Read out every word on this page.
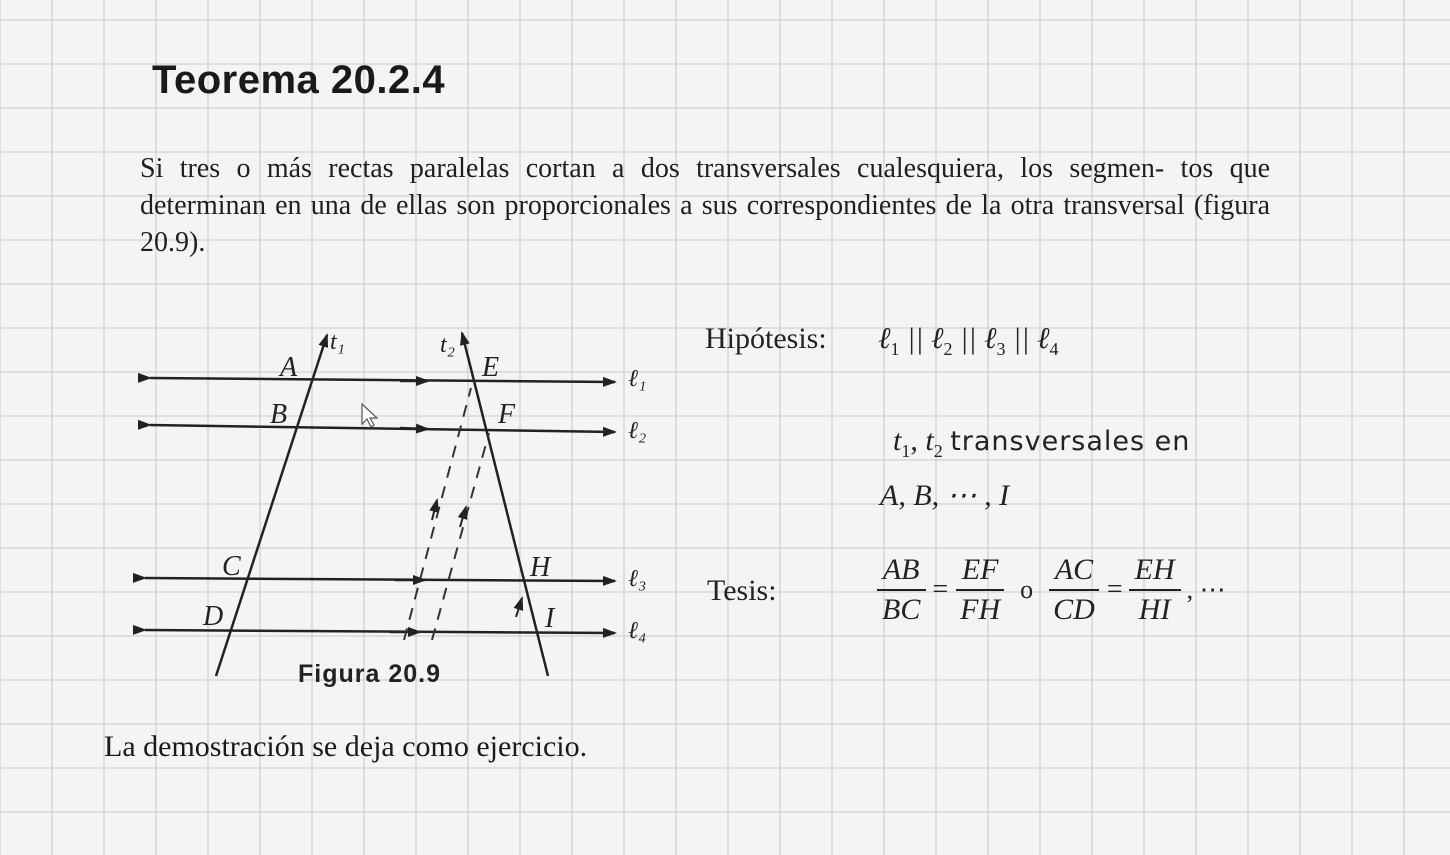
Teorema 20.2.4

Si tres o más rectas paralelas cortan a dos transversales cualesquiera, los segmen- tos que determinan en una de ellas son proporcionales a sus correspondientes de la otra transversal (figura 20.9).

A
B
C
D
E
F
H
I
t₁	t₂
ℓ₁
ℓ₂
ℓ₃
ℓ₄
Figura 20.9
Hipótesis: ℓ$_1$ || ℓ$_2$ || ℓ$_3$ || ℓ$_4$
$t_1$, $t_2$ transversales en
A, B, ⋯ , I
Tesis:	$\frac{AB}{BC} = \frac{EF}{FH}$ o $\frac{AC}{CD} = \frac{EH}{HI}$ , ⋯

La demostración se deja como ejercicio.
